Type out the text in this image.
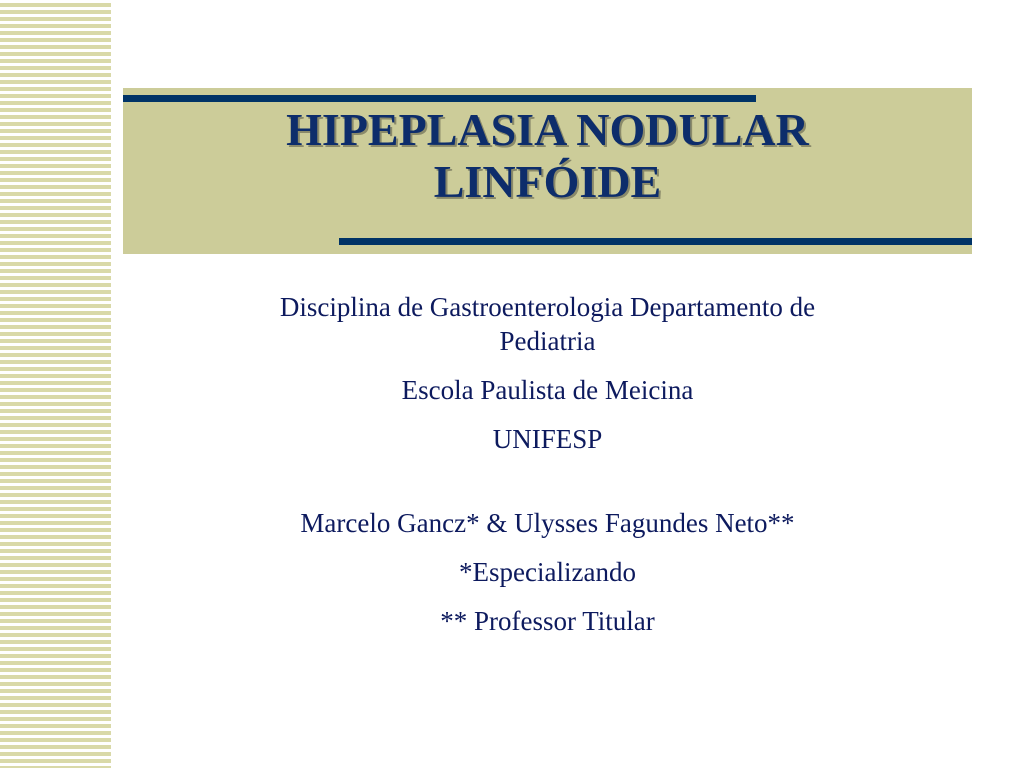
HIPEPLASIA NODULAR
LINFÓIDE
Disciplina de Gastroenterologia Departamento de
Pediatria
Escola Paulista de Meicina
UNIFESP
Marcelo Gancz* & Ulysses Fagundes Neto**
*Especializando
** Professor Titular
